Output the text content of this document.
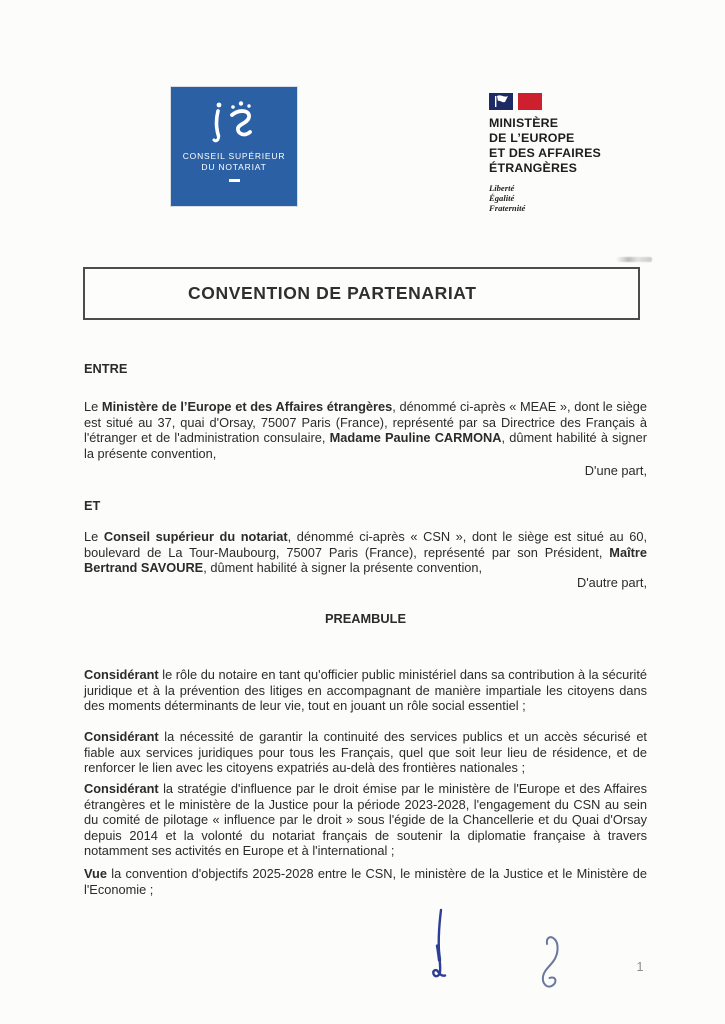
CONSEIL SUPÉRIEUR
DU NOTARIAT
MINISTÈRE
DE L’EUROPE
ET DES AFFAIRES
ÉTRANGÈRES
Liberté
Égalité
Fraternité
CONVENTION DE PARTENARIAT

ENTRE

Le Ministère de l’Europe et des Affaires étrangères, dénommé ci-après « MEAE », dont le siège est situé au 37, quai d'Orsay, 75007 Paris (France), représenté par sa Directrice des Français à l'étranger et de l'administration consulaire, Madame Pauline CARMONA, dûment habilité à signer la présente convention,

D'une part,

ET

Le Conseil supérieur du notariat, dénommé ci-après « CSN », dont le siège est situé au 60, boulevard de La Tour-Maubourg, 75007 Paris (France), représenté par son Président, Maître Bertrand SAVOURE, dûment habilité à signer la présente convention,

D'autre part,

PREAMBULE

Considérant le rôle du notaire en tant qu'officier public ministériel dans sa contribution à la sécurité juridique et à la prévention des litiges en accompagnant de manière impartiale les citoyens dans des moments déterminants de leur vie, tout en jouant un rôle social essentiel ;

Considérant la nécessité de garantir la continuité des services publics et un accès sécurisé et fiable aux services juridiques pour tous les Français, quel que soit leur lieu de résidence, et de renforcer le lien avec les citoyens expatriés au-delà des frontières nationales ;

Considérant la stratégie d'influence par le droit émise par le ministère de l'Europe et des Affaires étrangères et le ministère de la Justice pour la période 2023-2028, l'engagement du CSN au sein du comité de pilotage « influence par le droit » sous l'égide de la Chancellerie et du Quai d'Orsay depuis 2014 et la volonté du notariat français de soutenir la diplomatie française à travers notamment ses activités en Europe et à l'international ;

Vue la convention d'objectifs 2025-2028 entre le CSN, le ministère de la Justice et le Ministère de l'Economie ;

1
